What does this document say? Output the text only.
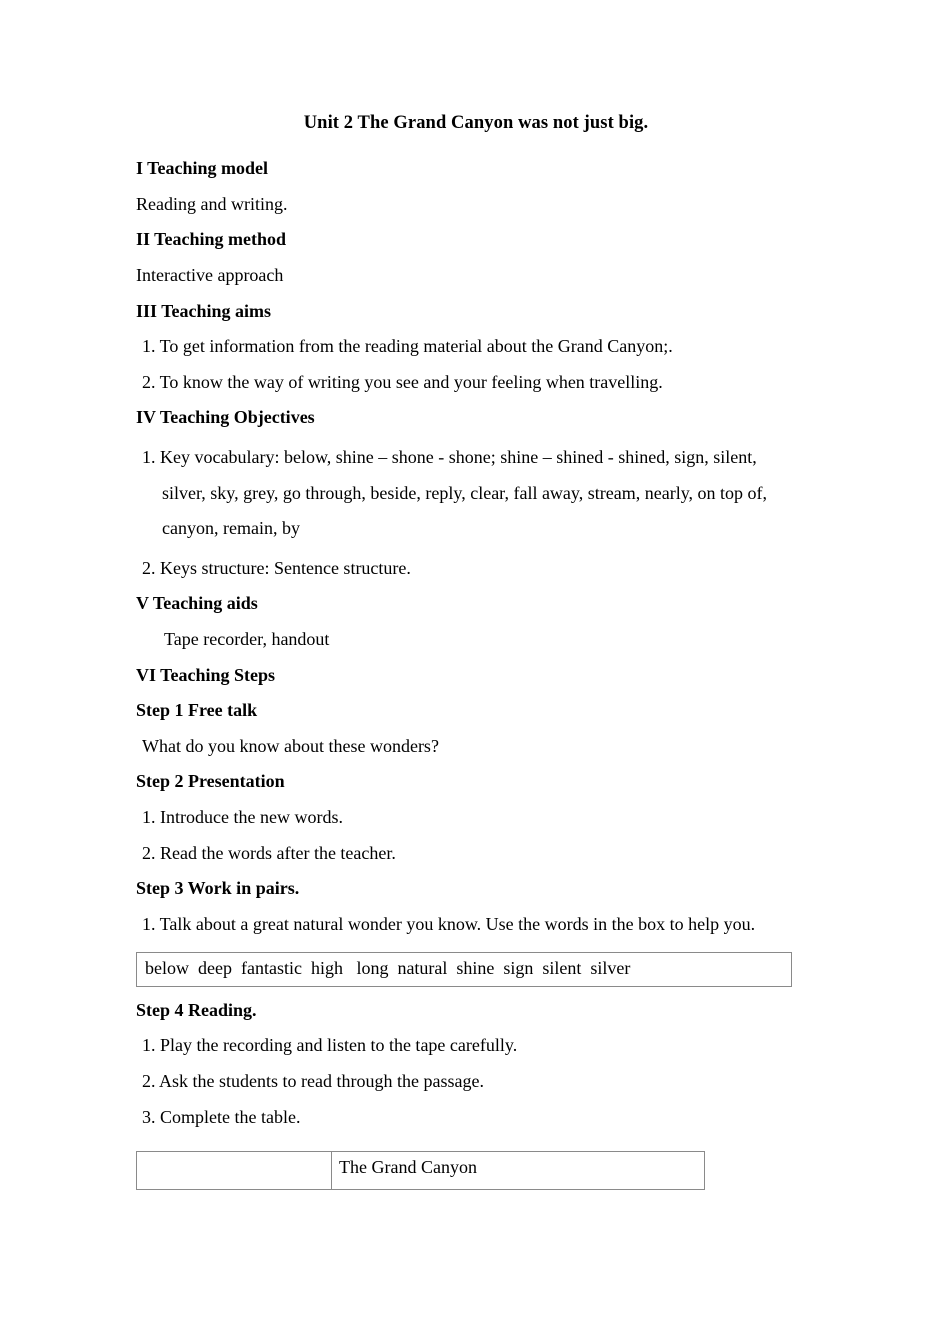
Unit 2 The Grand Canyon was not just big.
I Teaching model
Reading and writing.
II Teaching method
Interactive approach
III Teaching aims
1. To get information from the reading material about the Grand Canyon;.
2. To know the way of writing you see and your feeling when travelling.
IV Teaching Objectives
1. Key vocabulary: below, shine – shone - shone; shine – shined - shined, sign, silent,
silver, sky, grey, go through, beside, reply, clear, fall away, stream, nearly, on top of,
canyon, remain, by
2. Keys structure: Sentence structure.
V Teaching aids
Tape recorder, handout
VI Teaching Steps
Step 1 Free talk
What do you know about these wonders?
Step 2 Presentation
1. Introduce the new words.
2. Read the words after the teacher.
Step 3 Work in pairs.
1. Talk about a great natural wonder you know. Use the words in the box to help you.
below  deep  fantastic  high   long  natural  shine  sign  silent  silver
Step 4 Reading.
1. Play the recording and listen to the tape carefully.
2. Ask the students to read through the passage.
3. Complete the table.
	The Grand Canyon
